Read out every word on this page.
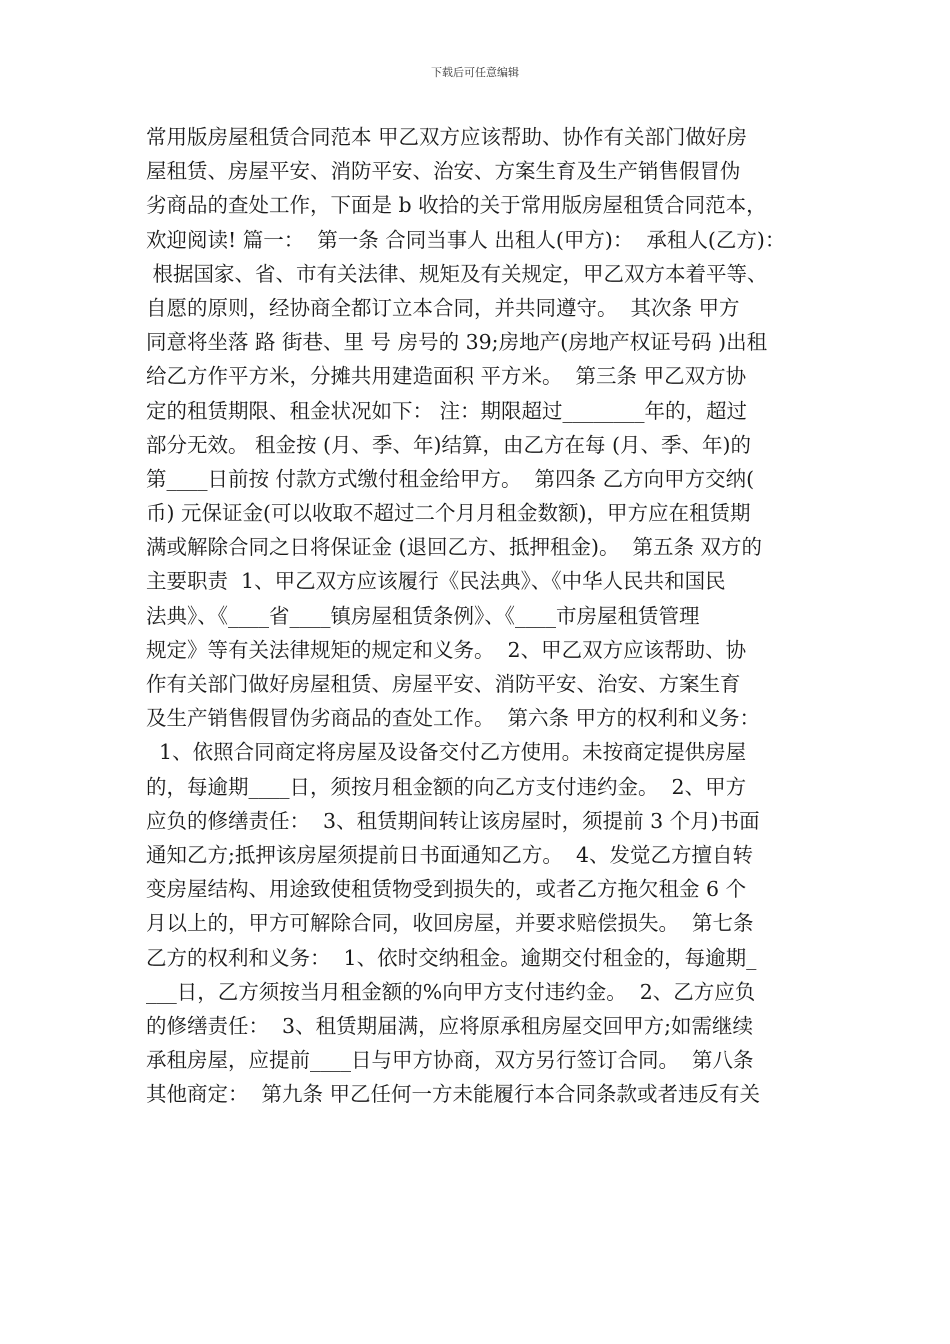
下载后可任意编辑
常用版房屋租赁合同范本 甲乙双方应该帮助、协作有关部门做好房
屋租赁、房屋平安、消防平安、治安、方案生育及生产销售假冒伪
劣商品的查处工作，下面是 b 收拾的关于常用版房屋租赁合同范本，
欢迎阅读! 篇一：  第一条 合同当事人 出租人(甲方)：  承租人(乙方)：
根据国家、省、市有关法律、规矩及有关规定，甲乙双方本着平等、
自愿的原则，经协商全都订立本合同，并共同遵守。  其次条 甲方
同意将坐落 路 街巷、里 号 房号的 39;房地产(房地产权证号码 )出租
给乙方作平方米，分摊共用建造面积 平方米。  第三条 甲乙双方协
定的租赁期限、租金状况如下： 注：期限超过________年的，超过
部分无效。 租金按 (月、季、年)结算，由乙方在每 (月、季、年)的
第____日前按 付款方式缴付租金给甲方。  第四条 乙方向甲方交纳(
币) 元保证金(可以收取不超过二个月月租金数额)，甲方应在租赁期
满或解除合同之日将保证金 (退回乙方、抵押租金)。  第五条 双方的
主要职责  1、甲乙双方应该履行《民法典》、《中华人民共和国民
法典》、《____省____镇房屋租赁条例》、《____市房屋租赁管理
规定》等有关法律规矩的规定和义务。  2、甲乙双方应该帮助、协
作有关部门做好房屋租赁、房屋平安、消防平安、治安、方案生育
及生产销售假冒伪劣商品的查处工作。  第六条 甲方的权利和义务：
1、依照合同商定将房屋及设备交付乙方使用。未按商定提供房屋
的，每逾期____日，须按月租金额的向乙方支付违约金。  2、甲方
应负的修缮责任：  3、租赁期间转让该房屋时，须提前 3 个月)书面
通知乙方;抵押该房屋须提前日书面通知乙方。  4、发觉乙方擅自转
变房屋结构、用途致使租赁物受到损失的，或者乙方拖欠租金 6 个
月以上的，甲方可解除合同，收回房屋，并要求赔偿损失。  第七条
乙方的权利和义务：  1、依时交纳租金。逾期交付租金的，每逾期_
___日，乙方须按当月租金额的%向甲方支付违约金。  2、乙方应负
的修缮责任：  3、租赁期届满，应将原承租房屋交回甲方;如需继续
承租房屋，应提前____日与甲方协商，双方另行签订合同。  第八条
其他商定：  第九条 甲乙任何一方未能履行本合同条款或者违反有关
